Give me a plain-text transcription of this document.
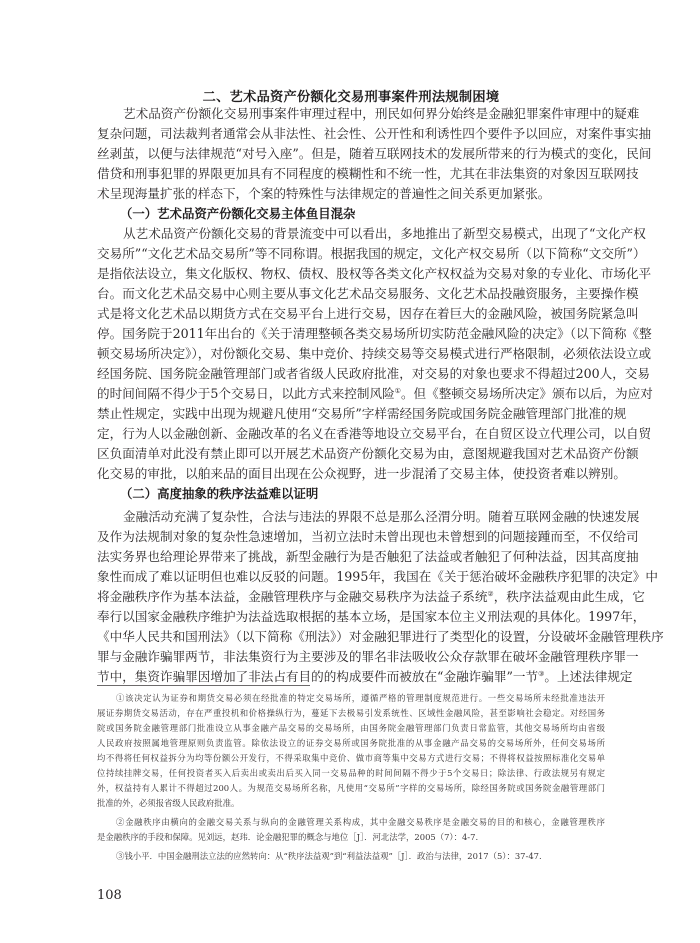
二、艺术品资产份额化交易刑事案件刑法规制困境
艺术品资产份额化交易刑事案件审理过程中，刑民如何界分始终是金融犯罪案件审理中的疑难
复杂问题，司法裁判者通常会从非法性、社会性、公开性和利诱性四个要件予以回应，对案件事实抽
丝剥茧，以便与法律规范“对号入座”。但是，随着互联网技术的发展所带来的行为模式的变化，民间
借贷和刑事犯罪的界限更加具有不同程度的模糊性和不统一性，尤其在非法集资的对象因互联网技
术呈现海量扩张的样态下，个案的特殊性与法律规定的普遍性之间关系更加紧张。
（一）艺术品资产份额化交易主体鱼目混杂
从艺术品资产份额化交易的背景流变中可以看出，多地推出了新型交易模式，出现了“文化产权
交易所”“文化艺术品交易所”等不同称谓。根据我国的规定，文化产权交易所（以下简称“文交所”）
是指依法设立，集文化版权、物权、债权、股权等各类文化产权权益为交易对象的专业化、市场化平
台。而文化艺术品交易中心则主要从事文化艺术品交易服务、文化艺术品投融资服务，主要操作模
式是将文化艺术品以期货方式在交易平台上进行交易，因存在着巨大的金融风险，被国务院紧急叫
停。国务院于2011年出台的《关于清理整顿各类交易场所切实防范金融风险的决定》（以下简称《整
顿交易场所决定》），对份额化交易、集中竞价、持续交易等交易模式进行严格限制，必须依法设立或
经国务院、国务院金融管理部门或者省级人民政府批准，对交易的对象也要求不得超过200人，交易
的时间间隔不得少于5个交易日，以此方式来控制风险①。但《整顿交易场所决定》颁布以后，为应对
禁止性规定，实践中出现为规避凡使用“交易所”字样需经国务院或国务院金融管理部门批准的规
定，行为人以金融创新、金融改革的名义在香港等地设立交易平台，在自贸区设立代理公司，以自贸
区负面清单对此没有禁止即可以开展艺术品资产份额化交易为由，意图规避我国对艺术品资产份额
化交易的审批，以舶来品的面目出现在公众视野，进一步混淆了交易主体，使投资者难以辨别。
（二）高度抽象的秩序法益难以证明
金融活动充满了复杂性，合法与违法的界限不总是那么泾渭分明。随着互联网金融的快速发展
及作为法规制对象的复杂性急速增加，当初立法时未曾出现也未曾想到的问题接踵而至，不仅给司
法实务界也给理论界带来了挑战，新型金融行为是否触犯了法益或者触犯了何种法益，因其高度抽
象性而成了难以证明但也难以反驳的问题。1995年，我国在《关于惩治破坏金融秩序犯罪的决定》中
将金融秩序作为基本法益，金融管理秩序与金融交易秩序为法益子系统②，秩序法益观由此生成，它
奉行以国家金融秩序维护为法益选取根据的基本立场，是国家本位主义刑法观的具体化。1997年，
《中华人民共和国刑法》（以下简称《刑法》）对金融犯罪进行了类型化的设置，分设破坏金融管理秩序
罪与金融诈骗罪两节，非法集资行为主要涉及的罪名非法吸收公众存款罪在破坏金融管理秩序罪一
节中，集资诈骗罪因增加了非法占有目的的构成要件而被放在“金融诈骗罪”一节③。上述法律规定
①该决定认为证券和期货交易必须在经批准的特定交易场所，遵循严格的管理制度规范进行。一些交易场所未经批准违法开
展证券期货交易活动，存在严重投机和价格操纵行为，蔓延下去极易引发系统性、区域性金融风险，甚至影响社会稳定。对经国务
院或国务院金融管理部门批准设立从事金融产品交易的交易场所，由国务院金融管理部门负责日常监管，其他交易场所均由省级
人民政府按照属地管理原则负责监管。除依法设立的证券交易所或国务院批准的从事金融产品交易的交易场所外，任何交易场所
均不得将任何权益拆分为均等份额公开发行，不得采取集中竞价、做市商等集中交易方式进行交易；不得将权益按照标准化交易单
位持续挂牌交易，任何投资者买入后卖出或卖出后买入同一交易品种的时间间隔不得少于5个交易日；除法律、行政法规另有规定
外，权益持有人累计不得超过200人。为规范交易场所名称，凡使用“交易所”字样的交易场所，除经国务院或国务院金融管理部门
批准的外，必须报省级人民政府批准。
②金融秩序由横向的金融交易关系与纵向的金融管理关系构成，其中金融交易秩序是金融交易的目的和核心，金融管理秩序
是金融秩序的手段和保障。见刘远，赵玮．论金融犯罪的概念与地位［J］．河北法学，2005（7）：4-7.
③钱小平．中国金融刑法立法的应然转向：从“秩序法益观”到“利益法益观”［J］．政治与法律，2017（5）：37-47.
108
